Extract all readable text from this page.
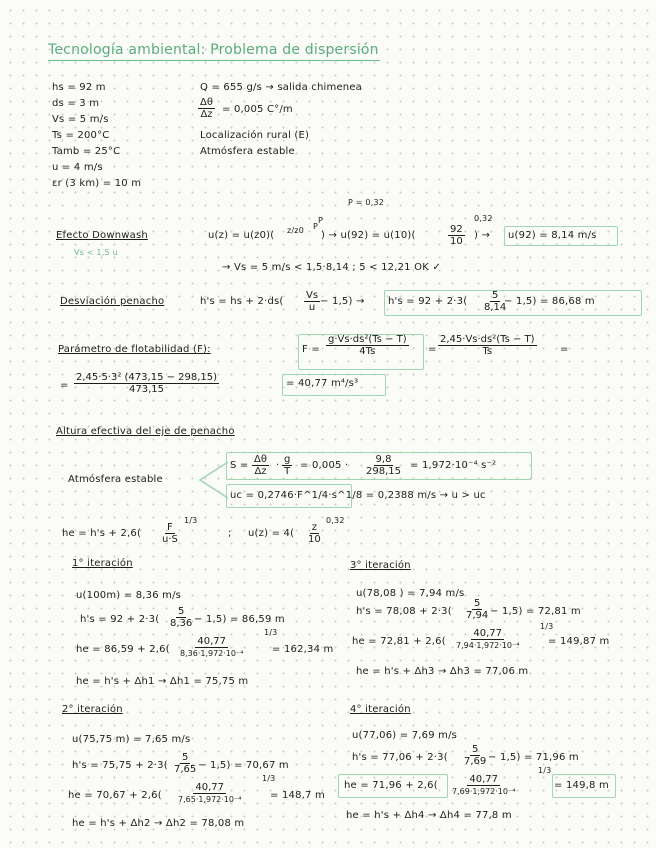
Tecnología ambiental: Problema de dispersión
hs = 92 m
ds = 3 m
Vs = 5 m/s
Ts = 200°C
Tamb = 25°C
u = 4 m/s
ɛr (3 km) = 10 m
Q = 655 g/s → salida chimenea
$\frac{\Delta\theta}{\Delta z} = 0,005$ C°/m
Localización rural (E)
Atmósfera estable
P = 0,32
P
Efecto Downwash
Vs < 1,5 u
u(z) = u(z0)( z/z0 P
) → u(92) = u(10)(	$\frac{92}{10}$
0,32
) → u(92) = 8,14 m/s
→ Vs = 5 m/s < 1,5·8,14 ; 5 < 12,21 OK ✓
Desviación penacho	h's = hs + $2\cdot ds( \frac{Vs}{u} - 1,5) \to h's = 92 + 2\cdot 3( \frac{5}{8,14}$
− 1,5) = 86,68 m
Parámetro de flotabilidad (F):	$F = \frac{\text{g·Vs·ds²(Ts − T)}}{4Ts} = \frac{\text{2,45·Vs·ds²(Ts − T)}}{Ts}$ =
= $\frac{\text{2,45·5·3² (473,15 − 298,15)}}{473,15}$	= 40,77 m⁴/s³
Altura efectiva del eje de penacho
Atmósfera estable
$S = \frac{\Delta\theta}{\Delta z} \cdot \frac{g}{T} = 0,005 \cdot \frac{9,8}{298,15} = 1,972\cdot 10^{-4}$ s⁻²
uc = 0,2746·F^1/4·s^1/8 = 0,2388 m/s → u > uc
he = $h's + 2,6( \frac{F}{u\cdot S}$
1/3
; $u(z) = 4( \frac{z}{10}$
0,32
1° iteración
u(100m) = 8,36 m/s
$h's = 92 + 2\cdot 3( \frac{5}{8,36} - 1,5) = 86,59$ m
he = 86,59 + 2,6(
40,77
8,36·1,972·10⁻⁴
1/3
= 162,34 m
he = h's + Δh1 → Δh1 = 75,75 m
2° iteración
u(75,75 m) = 7,65 m/s
$h's = 75,75 + 2\cdot 3( \frac{5}{7,65} - 1,5) = 70,67$ m
he = 70,67 + 2,6(
40,77
7,65·1,972·10⁻⁴
1/3
= 148,7 m
he = h's + Δh2 → Δh2 = 78,08 m
3° iteración
u(78,08 ) = 7,94 m/s
$h's = 78,08 + 2\cdot 3( \frac{5}{7,94} - 1,5) = 72,81$ m
he = 72,81 + 2,6(
40,77
7,94·1,972·10⁻⁴
1/3
= 149,87 m
he = h's + Δh3 → Δh3 = 77,06 m
4° iteración
u(77,06) = 7,69 m/s
$h's = 77,06 + 2\cdot 3( \frac{5}{7,69} - 1,5) = 71,96$ m
he = 71,96 + 2,6(
40,77
7,69·1,972·10⁻⁴
1/3
= 149,8 m
he = h's + Δh4 → Δh4 = 77,8 m
